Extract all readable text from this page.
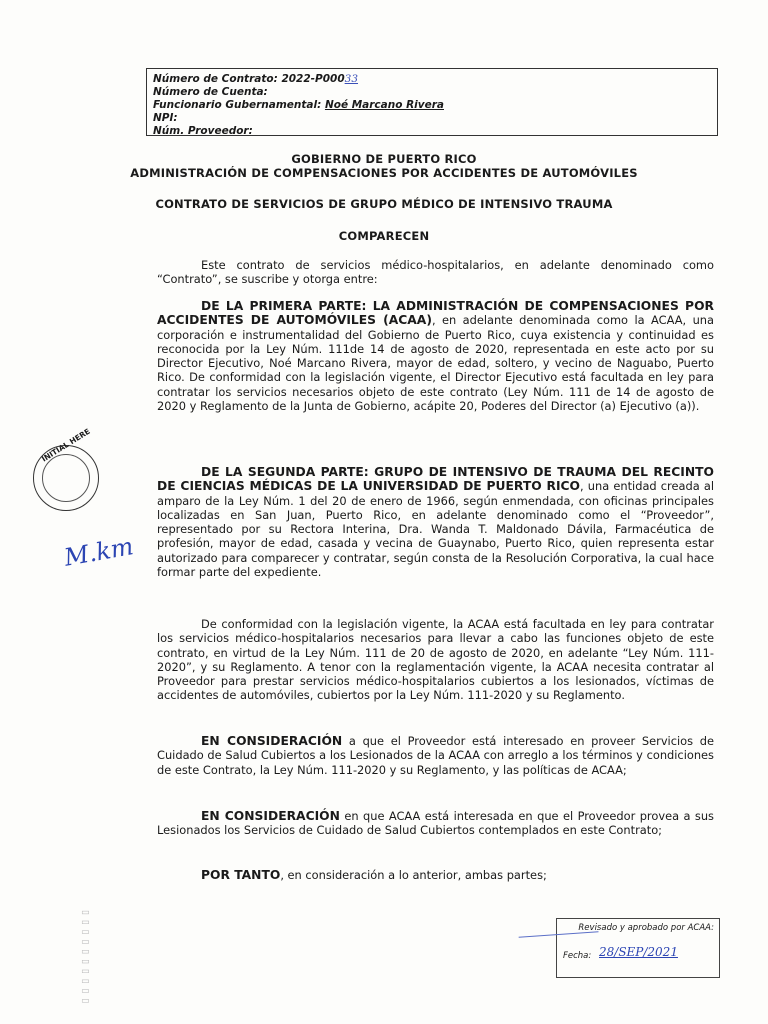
Número de Contrato: 2022-P00033
Número de Cuenta:
Funcionario Gubernamental: Noé Marcano Rivera
NPI:
Núm. Proveedor:
GOBIERNO DE PUERTO RICO
ADMINISTRACIÓN DE COMPENSACIONES POR ACCIDENTES DE AUTOMÓVILES
CONTRATO DE SERVICIOS DE GRUPO MÉDICO DE INTENSIVO TRAUMA
COMPARECEN

Este contrato de servicios médico-hospitalarios, en adelante denominado como “Contrato”, se suscribe y otorga entre:

DE LA PRIMERA PARTE: LA ADMINISTRACIÓN DE COMPENSACIONES POR ACCIDENTES DE AUTOMÓVILES (ACAA), en adelante denominada como la ACAA, una corporación e instrumentalidad del Gobierno de Puerto Rico, cuya existencia y continuidad es reconocida por la Ley Núm. 111de 14 de agosto de 2020, representada en este acto por su Director Ejecutivo, Noé Marcano Rivera, mayor de edad, soltero, y vecino de Naguabo, Puerto Rico. De conformidad con la legislación vigente, el Director Ejecutivo está facultada en ley para contratar los servicios necesarios objeto de este contrato (Ley Núm. 111 de 14 de agosto de 2020 y Reglamento de la Junta de Gobierno, acápite 20, Poderes del Director (a) Ejecutivo (a)).

DE LA SEGUNDA PARTE: GRUPO DE INTENSIVO DE TRAUMA DEL RECINTO DE CIENCIAS MÉDICAS DE LA UNIVERSIDAD DE PUERTO RICO, una entidad creada al amparo de la Ley Núm. 1 del 20 de enero de 1966, según enmendada, con oficinas principales localizadas en San Juan, Puerto Rico, en adelante denominado como el “Proveedor”, representado por su Rectora Interina, Dra. Wanda T. Maldonado Dávila, Farmacéutica de profesión, mayor de edad, casada y vecina de Guaynabo, Puerto Rico, quien representa estar autorizado para comparecer y contratar, según consta de la Resolución Corporativa, la cual hace formar parte del expediente.

De conformidad con la legislación vigente, la ACAA está facultada en ley para contratar los servicios médico-hospitalarios necesarios para llevar a cabo las funciones objeto de este contrato, en virtud de la Ley Núm. 111 de 20 de agosto de 2020, en adelante “Ley Núm. 111-2020”, y su Reglamento. A tenor con la reglamentación vigente, la ACAA necesita contratar al Proveedor para prestar servicios médico-hospitalarios cubiertos a los lesionados, víctimas de accidentes de automóviles, cubiertos por la Ley Núm. 111-2020 y su Reglamento.

EN CONSIDERACIÓN a que el Proveedor está interesado en proveer Servicios de Cuidado de Salud Cubiertos a los Lesionados de la ACAA con arreglo a los términos y condiciones de este Contrato, la Ley Núm. 111-2020 y su Reglamento, y las políticas de ACAA;

EN CONSIDERACIÓN en que ACAA está interesada en que el Proveedor provea a sus Lesionados los Servicios de Cuidado de Salud Cubiertos contemplados en este Contrato;

POR TANTO, en consideración a lo anterior, ambas partes;

INITIAL HERE
M.km
▯ ▯ ▯ ▯ ▯ ▯ ▯ ▯ ▯ ▯	Revisado y aprobado por ACAA:
Fecha: 28/SEP/2021
